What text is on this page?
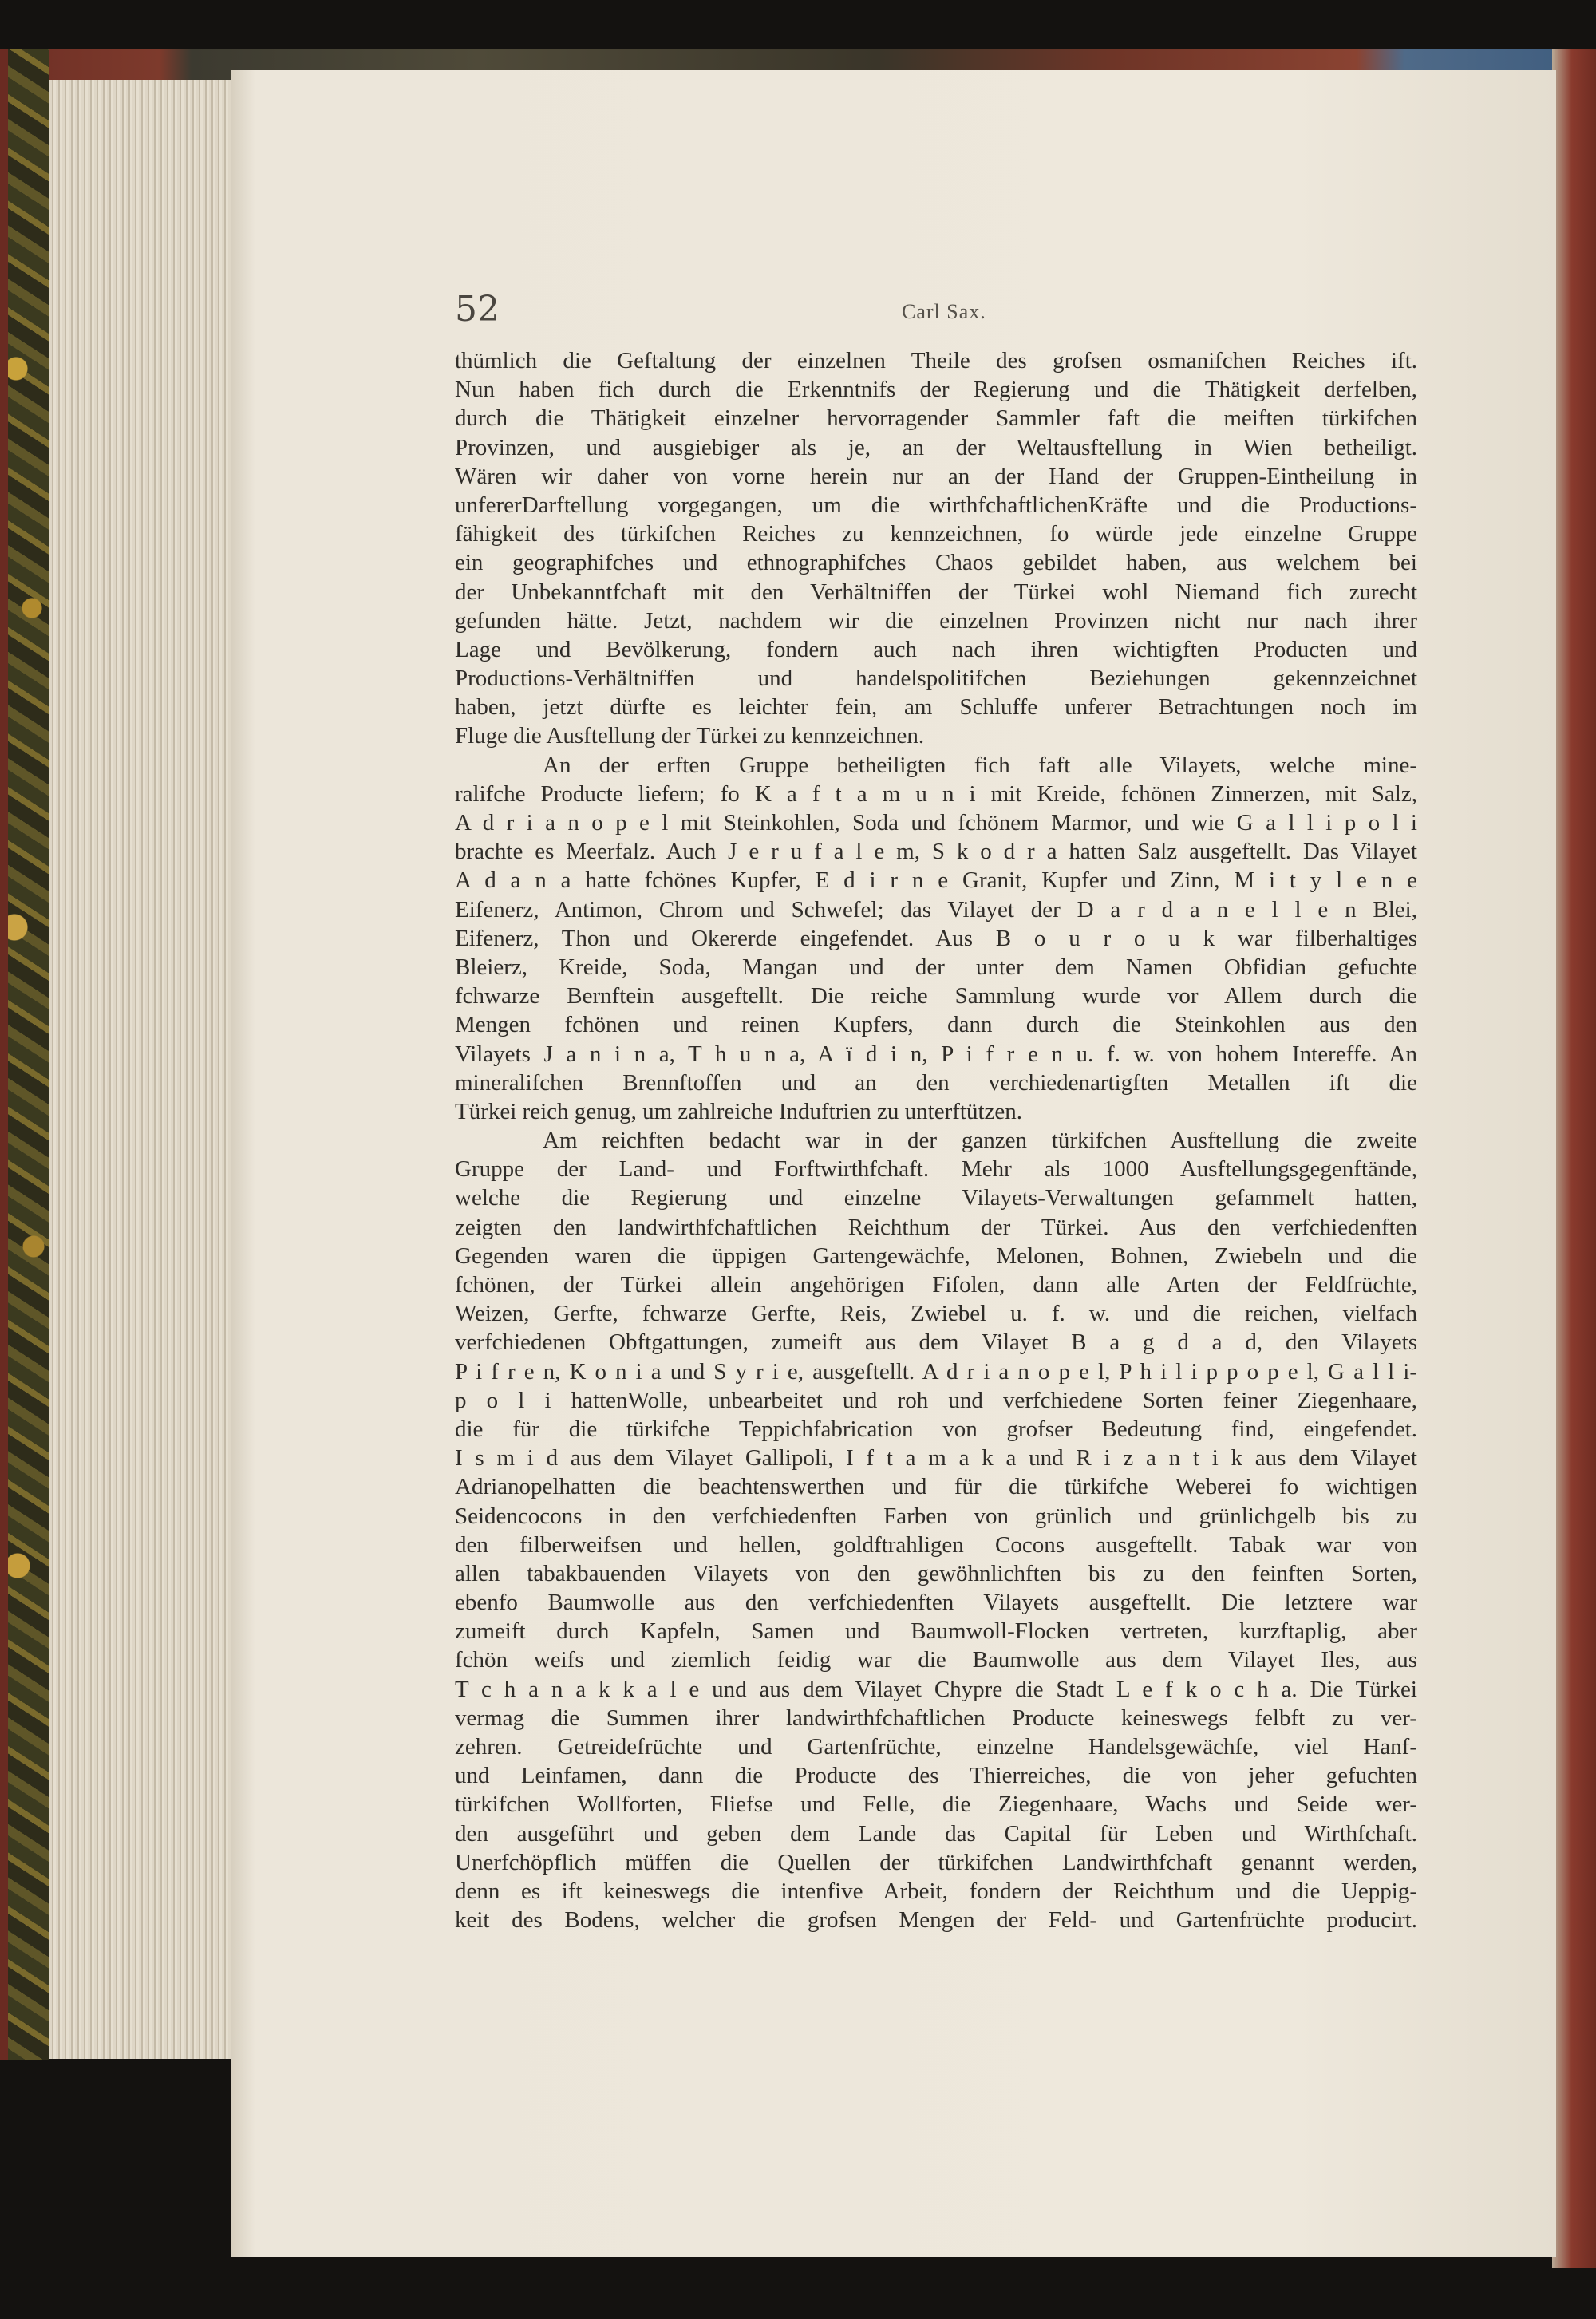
52	Carl Sax.
thümlich die Geftaltung der einzelnen Theile des grofsen osmanifchen Reiches ift.
Nun haben fich durch die Erkenntnifs der Regierung und die Thätigkeit derfelben,
durch die Thätigkeit einzelner hervorragender Sammler faft die meiften türkifchen
Provinzen, und ausgiebiger als je, an der Weltausftellung in Wien betheiligt.
Wären wir daher von vorne herein nur an der Hand der Gruppen-Eintheilung in
unfererDarftellung vorgegangen, um die wirthfchaftlichenKräfte und die Productions-
fähigkeit des türkifchen Reiches zu kennzeichnen, fo würde jede einzelne Gruppe
ein geographifches und ethnographifches Chaos gebildet haben, aus welchem bei
der Unbekanntfchaft mit den Verhältniffen der Türkei wohl Niemand fich zurecht
gefunden hätte. Jetzt, nachdem wir die einzelnen Provinzen nicht nur nach ihrer
Lage und Bevölkerung, fondern auch nach ihren wichtigften Producten und
Productions-Verhältniffen und handelspolitifchen Beziehungen gekennzeichnet
haben, jetzt dürfte es leichter fein, am Schluffe unferer Betrachtungen noch im
Fluge die Ausftellung der Türkei zu kennzeichnen.
An der erften Gruppe betheiligten fich faft alle Vilayets, welche mine-
ralifche Producte liefern; fo K a f t a m u n i mit Kreide, fchönen Zinnerzen, mit Salz,
A d r i a n o p e l mit Steinkohlen, Soda und fchönem Marmor, und wie G a l l i p o l i
brachte es Meerfalz. Auch J e r u f a l e m, S k o d r a hatten Salz ausgeftellt. Das Vilayet
A d a n a hatte fchönes Kupfer, E d i r n e Granit, Kupfer und Zinn, M i t y l e n e
Eifenerz, Antimon, Chrom und Schwefel; das Vilayet der D a r d a n e l l e n Blei,
Eifenerz, Thon und Okererde eingefendet. Aus B o u r o u k war filberhaltiges
Bleierz, Kreide, Soda, Mangan und der unter dem Namen Obfidian gefuchte
fchwarze Bernftein ausgeftellt. Die reiche Sammlung wurde vor Allem durch die
Mengen fchönen und reinen Kupfers, dann durch die Steinkohlen aus den
Vilayets J a n i n a, T h u n a, A ï d i n, P i f r e n u. f. w. von hohem Intereffe. An
mineralifchen Brennftoffen und an den verchiedenartigften Metallen ift die
Türkei reich genug, um zahlreiche Induftrien zu unterftützen.
Am reichften bedacht war in der ganzen türkifchen Ausftellung die zweite
Gruppe der Land- und Forftwirthfchaft. Mehr als 1000 Ausftellungsgegenftände,
welche die Regierung und einzelne Vilayets-Verwaltungen gefammelt hatten,
zeigten den landwirthfchaftlichen Reichthum der Türkei. Aus den verfchiedenften
Gegenden waren die üppigen Gartengewächfe, Melonen, Bohnen, Zwiebeln und die
fchönen, der Türkei allein angehörigen Fifolen, dann alle Arten der Feldfrüchte,
Weizen, Gerfte, fchwarze Gerfte, Reis, Zwiebel u. f. w. und die reichen, vielfach
verfchiedenen Obftgattungen, zumeift aus dem Vilayet B a g d a d, den Vilayets
P i f r e n, K o n i a und S y r i e, ausgeftellt. A d r i a n o p e l, P h i l i p p o p e l, G a l l i-
p o l i hattenWolle, unbearbeitet und roh und verfchiedene Sorten feiner Ziegenhaare,
die für die türkifche Teppichfabrication von grofser Bedeutung find, eingefendet.
I s m i d aus dem Vilayet Gallipoli, I f t a m a k a und R i z a n t i k aus dem Vilayet
Adrianopelhatten die beachtenswerthen und für die türkifche Weberei fo wichtigen
Seidencocons in den verfchiedenften Farben von grünlich und grünlichgelb bis zu
den filberweifsen und hellen, goldftrahligen Cocons ausgeftellt. Tabak war von
allen tabakbauenden Vilayets von den gewöhnlichften bis zu den feinften Sorten,
ebenfo Baumwolle aus den verfchiedenften Vilayets ausgeftellt. Die letztere war
zumeift durch Kapfeln, Samen und Baumwoll-Flocken vertreten, kurzftaplig, aber
fchön weifs und ziemlich feidig war die Baumwolle aus dem Vilayet Iles, aus
T c h a n a k k a l e und aus dem Vilayet Chypre die Stadt L e f k o c h a. Die Türkei
vermag die Summen ihrer landwirthfchaftlichen Producte keineswegs felbft zu ver-
zehren. Getreidefrüchte und Gartenfrüchte, einzelne Handelsgewächfe, viel Hanf-
und Leinfamen, dann die Producte des Thierreiches, die von jeher gefuchten
türkifchen Wollforten, Fliefse und Felle, die Ziegenhaare, Wachs und Seide wer-
den ausgeführt und geben dem Lande das Capital für Leben und Wirthfchaft.
Unerfchöpflich müffen die Quellen der türkifchen Landwirthfchaft genannt werden,
denn es ift keineswegs die intenfive Arbeit, fondern der Reichthum und die Ueppig-
keit des Bodens, welcher die grofsen Mengen der Feld- und Gartenfrüchte producirt.
